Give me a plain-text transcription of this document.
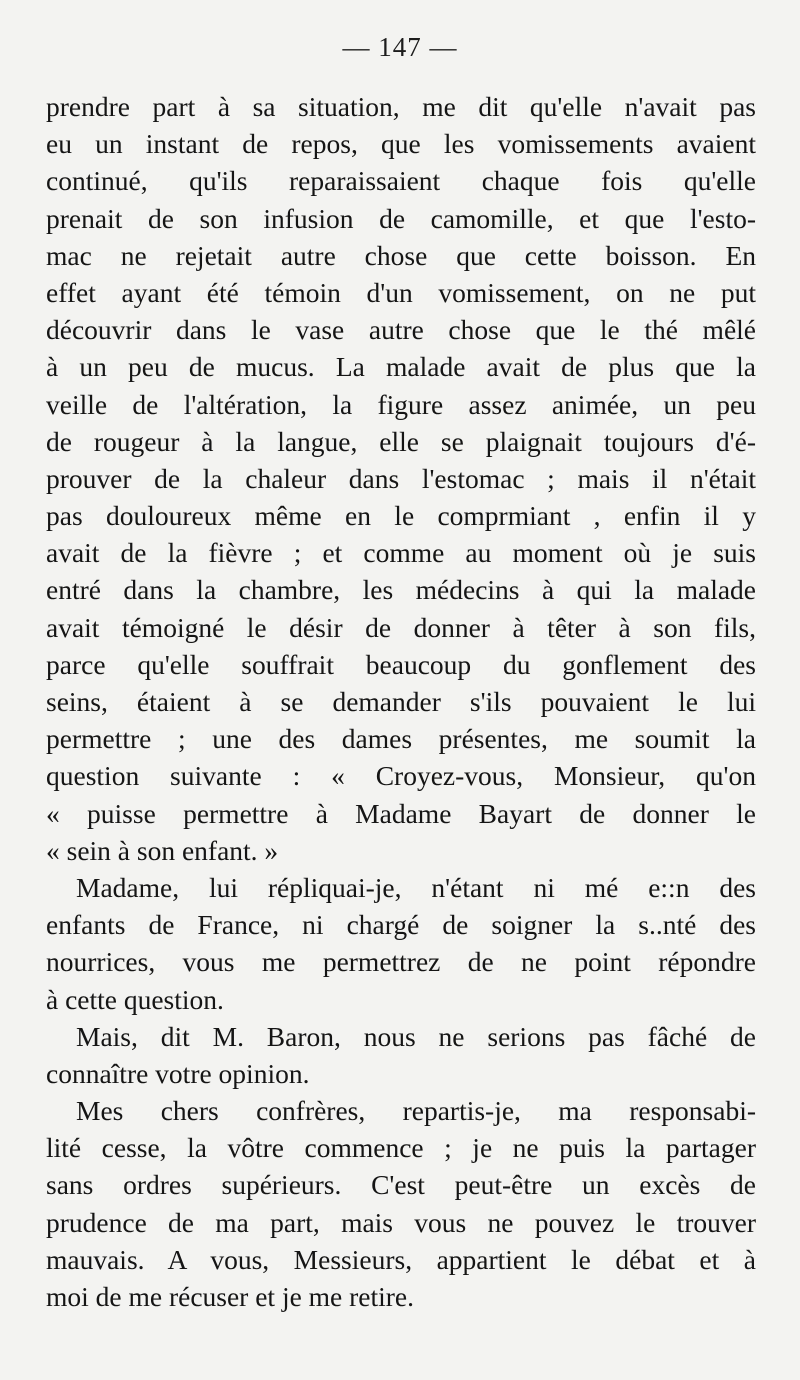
— 147 —
prendre part à sa situation, me dit qu'elle n'avait pas
eu un instant de repos, que les vomissements avaient
continué, qu'ils reparaissaient chaque fois qu'elle
prenait de son infusion de camomille, et que l'esto-
mac ne rejetait autre chose que cette boisson. En
effet ayant été témoin d'un vomissement, on ne put
découvrir dans le vase autre chose que le thé mêlé
à un peu de mucus. La malade avait de plus que la
veille de l'altération, la figure assez animée, un peu
de rougeur à la langue, elle se plaignait toujours d'é-
prouver de la chaleur dans l'estomac ; mais il n'était
pas douloureux même en le comprmiant , enfin il y
avait de la fièvre ; et comme au moment où je suis
entré dans la chambre, les médecins à qui la malade
avait témoigné le désir de donner à têter à son fils,
parce qu'elle souffrait beaucoup du gonflement des
seins, étaient à se demander s'ils pouvaient le lui
permettre ; une des dames présentes, me soumit la
question suivante : « Croyez-vous, Monsieur, qu'on
« puisse permettre à Madame Bayart de donner le
« sein à son enfant. »
Madame, lui répliquai-je, n'étant ni mé e::n des
enfants de France, ni chargé de soigner la s..nté des
nourrices, vous me permettrez de ne point répondre
à cette question.
Mais, dit M. Baron, nous ne serions pas fâché de
connaître votre opinion.
Mes chers confrères, repartis-je, ma responsabi-
lité cesse, la vôtre commence ; je ne puis la partager
sans ordres supérieurs. C'est peut-être un excès de
prudence de ma part, mais vous ne pouvez le trouver
mauvais. A vous, Messieurs, appartient le débat et à
moi de me récuser et je me retire.
